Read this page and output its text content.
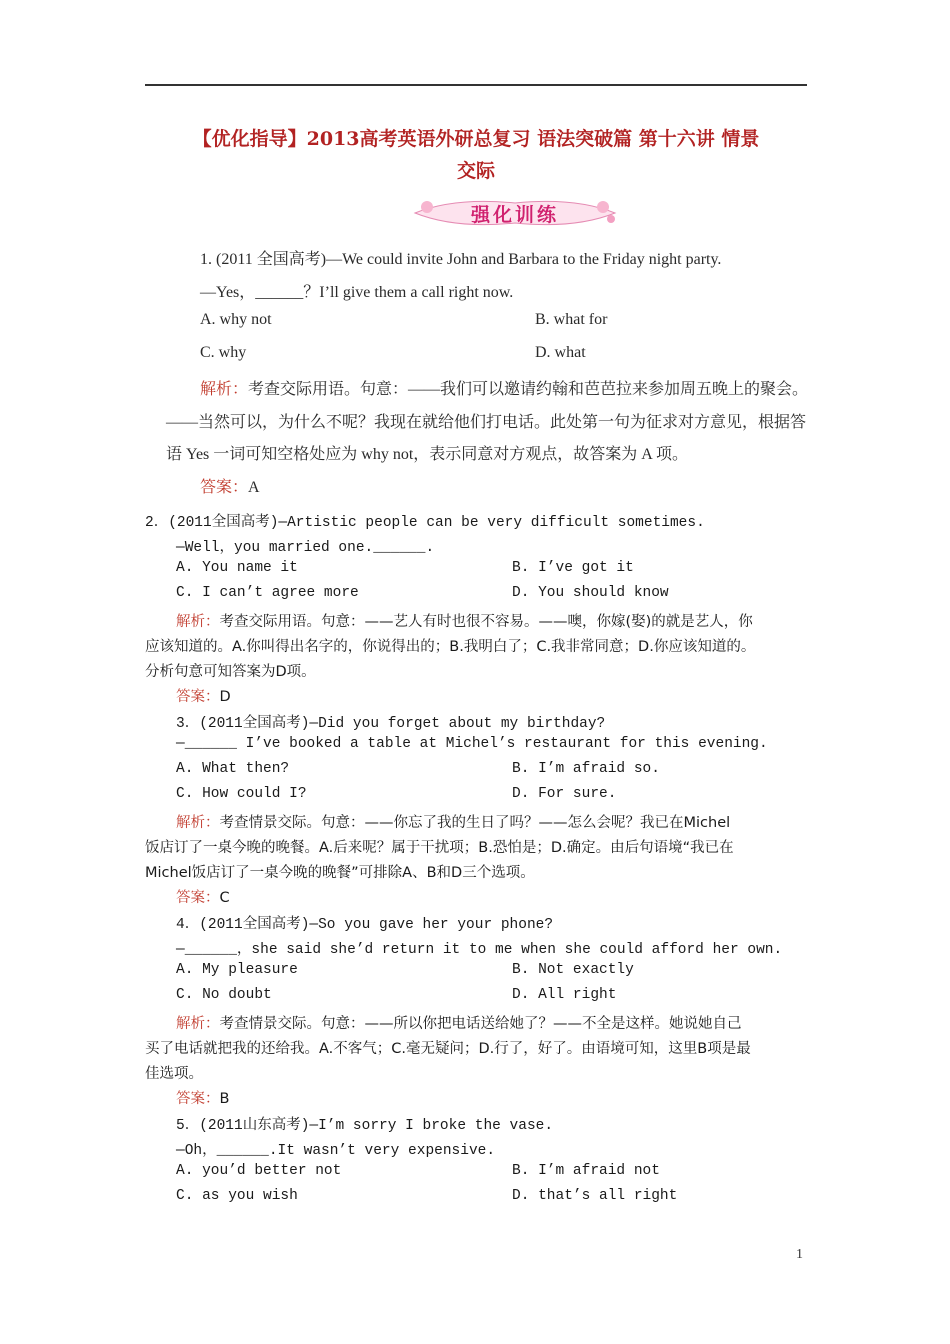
【优化指导】2013高考英语外研总复习 语法突破篇 第十六讲 情景
交际
强化训练
1. (2011 全国高考)—We could invite John and Barbara to the Friday night party.
—Yes，______？I’ll give them a call right now.
A. why not	B. what for
C. why	D. what
解析：考查交际用语。句意：——我们可以邀请约翰和芭芭拉来参加周五晚上的聚会。
——当然可以，为什么不呢？我现在就给他们打电话。此处第一句为征求对方意见，根据答
语 Yes 一词可知空格处应为 why not，表示同意对方观点，故答案为 A 项。
答案：A
2．(2011全国高考)—Artistic people can be very difficult sometimes.
—Well，you married one.______.
A. You name it	B. I’ve got it
C. I can’t agree more	D. You should know
解析：考查交际用语。句意：——艺人有时也很不容易。——噢，你嫁(娶)的就是艺人，你
应该知道的。A.你叫得出名字的，你说得出的；B.我明白了；C.我非常同意；D.你应该知道的。
分析句意可知答案为D项。
答案：D
3．(2011全国高考)—Did you forget about my birthday?
—______ I’ve booked a table at Michel’s restaurant for this evening.
A. What then?	B. I’m afraid so.
C. How could I?	D. For sure.
解析：考查情景交际。句意：——你忘了我的生日了吗？——怎么会呢？我已在Michel
饭店订了一桌今晚的晚餐。A.后来呢？属于干扰项；B.恐怕是；D.确定。由后句语境“我已在
Michel饭店订了一桌今晚的晚餐”可排除A、B和D三个选项。
答案：C
4．(2011全国高考)—So you gave her your phone?
—______，she said she’d return it to me when she could afford her own.
A. My pleasure	B. Not exactly
C. No doubt	D. All right
解析：考查情景交际。句意：——所以你把电话送给她了？——不全是这样。她说她自己
买了电话就把我的还给我。A.不客气；C.毫无疑问；D.行了，好了。由语境可知，这里B项是最
佳选项。
答案：B
5．(2011山东高考)—I’m sorry I broke the vase.
—Oh，______.It wasn’t very expensive.
A. you’d better not	B. I’m afraid not
C. as you wish	D. that’s all right
1
